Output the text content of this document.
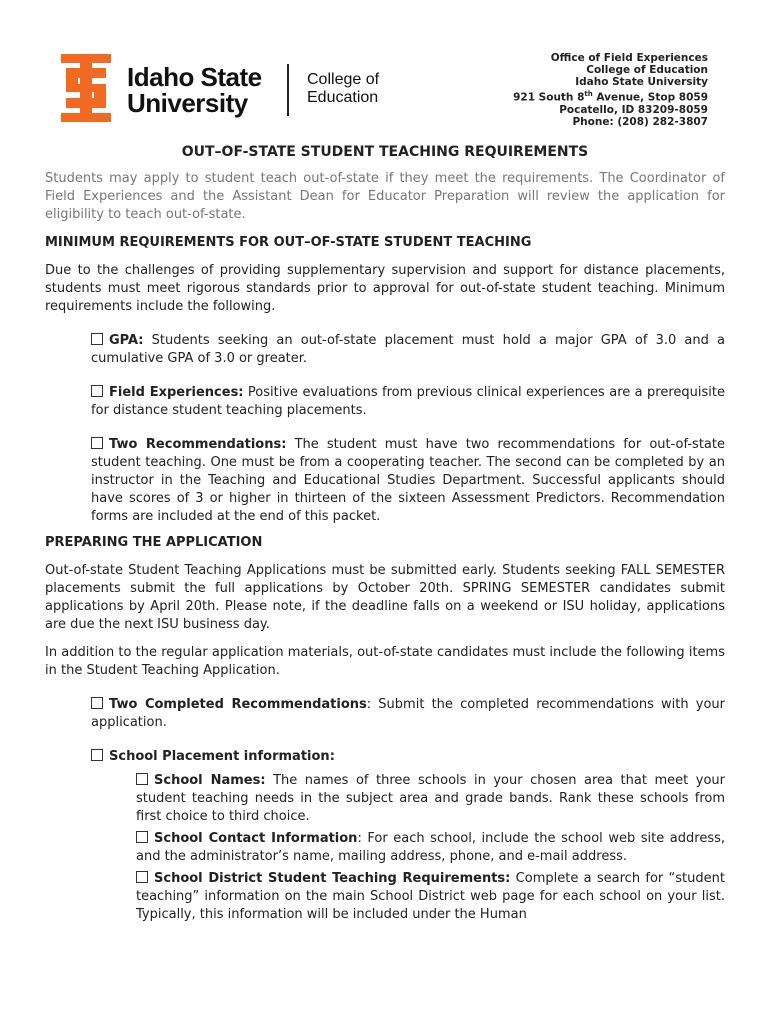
Idaho State
University
College of
Education
Office of Field Experiences
College of Education
Idaho State University
921 South 8th Avenue, Stop 8059
Pocatello, ID 83209-8059
Phone: (208) 282-3807
OUT–OF-STATE STUDENT TEACHING REQUIREMENTS

Students may apply to student teach out-of-state if they meet the requirements. The Coordinator of Field Experiences and the Assistant Dean for Educator Preparation will review the application for eligibility to teach out-of-state.

MINIMUM REQUIREMENTS FOR OUT–OF-STATE STUDENT TEACHING

Due to the challenges of providing supplementary supervision and support for distance placements, students must meet rigorous standards prior to approval for out-of-state student teaching. Minimum requirements include the following.

GPA: Students seeking an out-of-state placement must hold a major GPA of 3.0 and a cumulative GPA of 3.0 or greater.

Field Experiences: Positive evaluations from previous clinical experiences are a prerequisite for distance student teaching placements.

Two Recommendations: The student must have two recommendations for out-of-state student teaching. One must be from a cooperating teacher. The second can be completed by an instructor in the Teaching and Educational Studies Department. Successful applicants should have scores of 3 or higher in thirteen of the sixteen Assessment Predictors. Recommendation forms are included at the end of this packet.

PREPARING THE APPLICATION

Out-of-state Student Teaching Applications must be submitted early. Students seeking FALL SEMESTER placements submit the full applications by October 20th. SPRING SEMESTER candidates submit applications by April 20th. Please note, if the deadline falls on a weekend or ISU holiday, applications are due the next ISU business day.

In addition to the regular application materials, out-of-state candidates must include the following items in the Student Teaching Application.

Two Completed Recommendations: Submit the completed recommendations with your application.

School Placement information:

School Names: The names of three schools in your chosen area that meet your student teaching needs in the subject area and grade bands. Rank these schools from first choice to third choice.

School Contact Information: For each school, include the school web site address, and the administrator’s name, mailing address, phone, and e-mail address.

School District Student Teaching Requirements: Complete a search for “student teaching” information on the main School District web page for each school on your list. Typically, this information will be included under the Human
